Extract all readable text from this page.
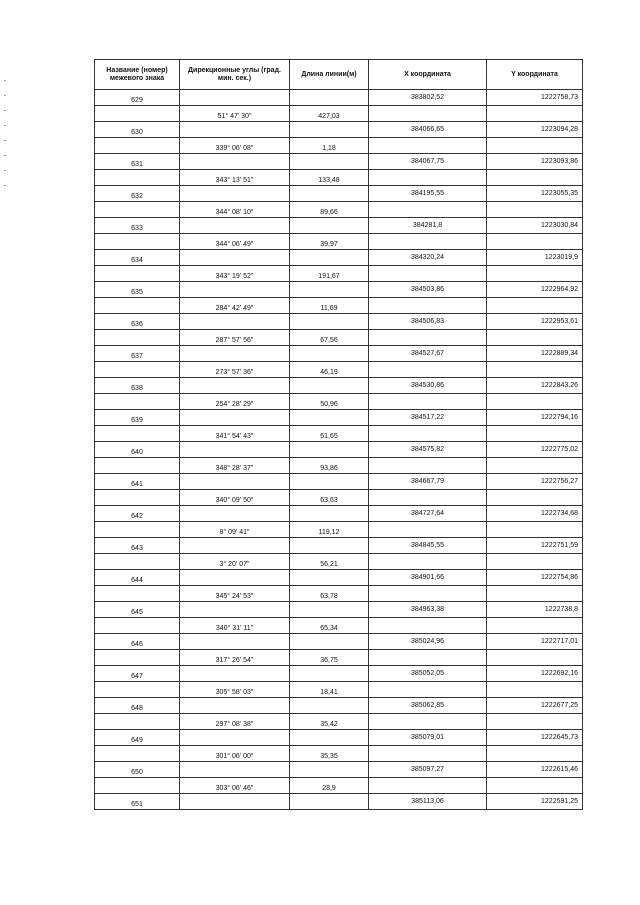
Название (номер) межевого знака	Дирекционные углы (град. мин. сек.)	Длина линии(м)	X координата	Y координата
629			383802,52	1222758,73
	51° 47' 30"	427,03		
630			384066,65	1223094,28
	339° 06' 08"	1,18		
631			384067,75	1223093,86
	343° 13' 51"	133,48		
632			384195,55	1223055,35
	344° 08' 10"	89,66		
633			384281,8	1223030,84
	344° 06' 49"	39,97		
634			384320,24	1223019,9
	343° 19' 52"	191,67		
635			384503,86	1222964,92
	284° 42' 49"	11,69		
636			384506,83	1222953,61
	287° 57' 56"	67,56		
637			384527,67	1222889,34
	273° 57' 36"	46,19		
638			384530,86	1222843,26
	254° 28' 29"	50,96		
639			384517,22	1222794,16
	341° 54' 43"	61,65		
640			384575,82	1222775,02
	348° 28' 37"	93,86		
641			384667,79	1222756,27
	340° 09' 50"	63,63		
642			384727,64	1222734,68
	8° 09' 41"	119,12		
643			384845,55	1222751,59
	3° 20' 07"	56,21		
644			384901,66	1222754,86
	345° 24' 53"	63,78		
645			384963,38	1222738,8
	340° 31' 11"	65,34		
646			385024,96	1222717,01
	317° 26' 54"	36,75		
647			385052,05	1222692,16
	305° 58' 03"	18,41		
648			385062,85	1222677,25
	297° 08' 38"	35,42		
649			385079,01	1222645,73
	301° 06' 00"	35,35		
650			385097,27	1222615,46
	303° 06' 46"	28,9		
651			385113,06	1222591,25
